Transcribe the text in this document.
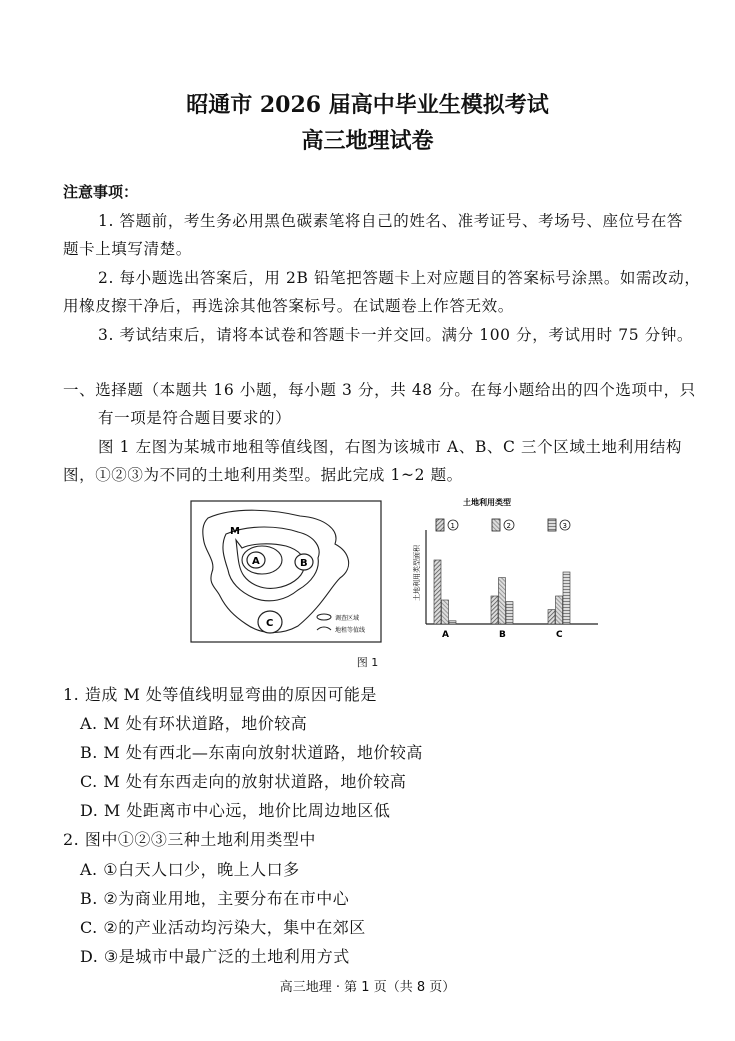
昭通市 2026 届高中毕业生模拟考试
高三地理试卷
注意事项：
1. 答题前，考生务必用黑色碳素笔将自己的姓名、准考证号、考场号、座位号在答
题卡上填写清楚。
2. 每小题选出答案后，用 2B 铅笔把答题卡上对应题目的答案标号涂黑。如需改动，
用橡皮擦干净后，再选涂其他答案标号。在试题卷上作答无效。
3. 考试结束后，请将本试卷和答题卡一并交回。满分 100 分，考试用时 75 分钟。
一、选择题（本题共 16 小题，每小题 3 分，共 48 分。在每小题给出的四个选项中，只
有一项是符合题目要求的）
图 1 左图为某城市地租等值线图，右图为该城市 A、B、C 三个区域土地利用结构
图，①②③为不同的土地利用类型。据此完成 1~2 题。
M
A	B
C	调查区域
地租等值线
土地利用类型
土地利用类型面积
1	2	3
A	B	C
图 1
1. 造成 M 处等值线明显弯曲的原因可能是
A. M 处有环状道路，地价较高
B. M 处有西北—东南向放射状道路，地价较高
C. M 处有东西走向的放射状道路，地价较高
D. M 处距离市中心远，地价比周边地区低
2. 图中①②③三种土地利用类型中
A. ①白天人口少，晚上人口多
B. ②为商业用地，主要分布在市中心
C. ②的产业活动均污染大，集中在郊区
D. ③是城市中最广泛的土地利用方式
高三地理 · 第 1 页（共 8 页）
